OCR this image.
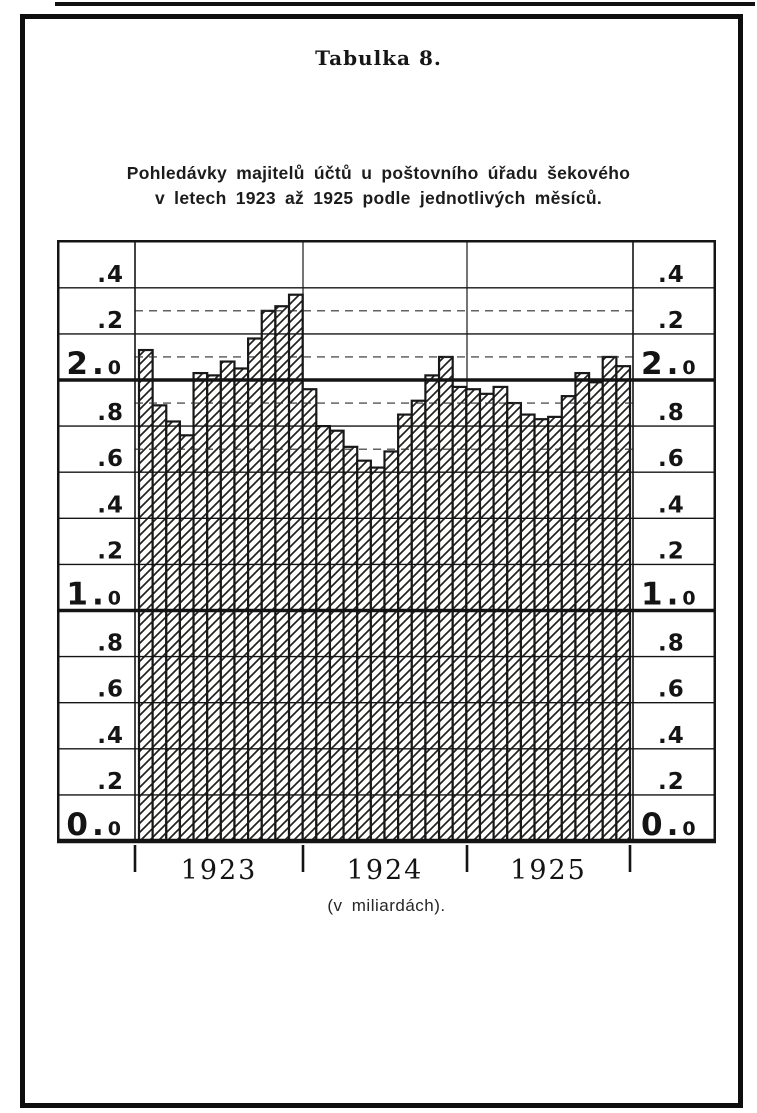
Tabulka 8.
Pohledávky majitelů účtů u poštovního úřadu šekového
v letech 1923 až 1925 podle jednotlivých měsíců.
0.0	0.0
.2	.2
.4	.4
.6	.6
.8	.8
1.0	1.0
.2	.2
.4	.4
.6	.6
.8	.8
2.0	2.0
.2	.2
.4	.4
1923	1924	1925
(v miliardách).
